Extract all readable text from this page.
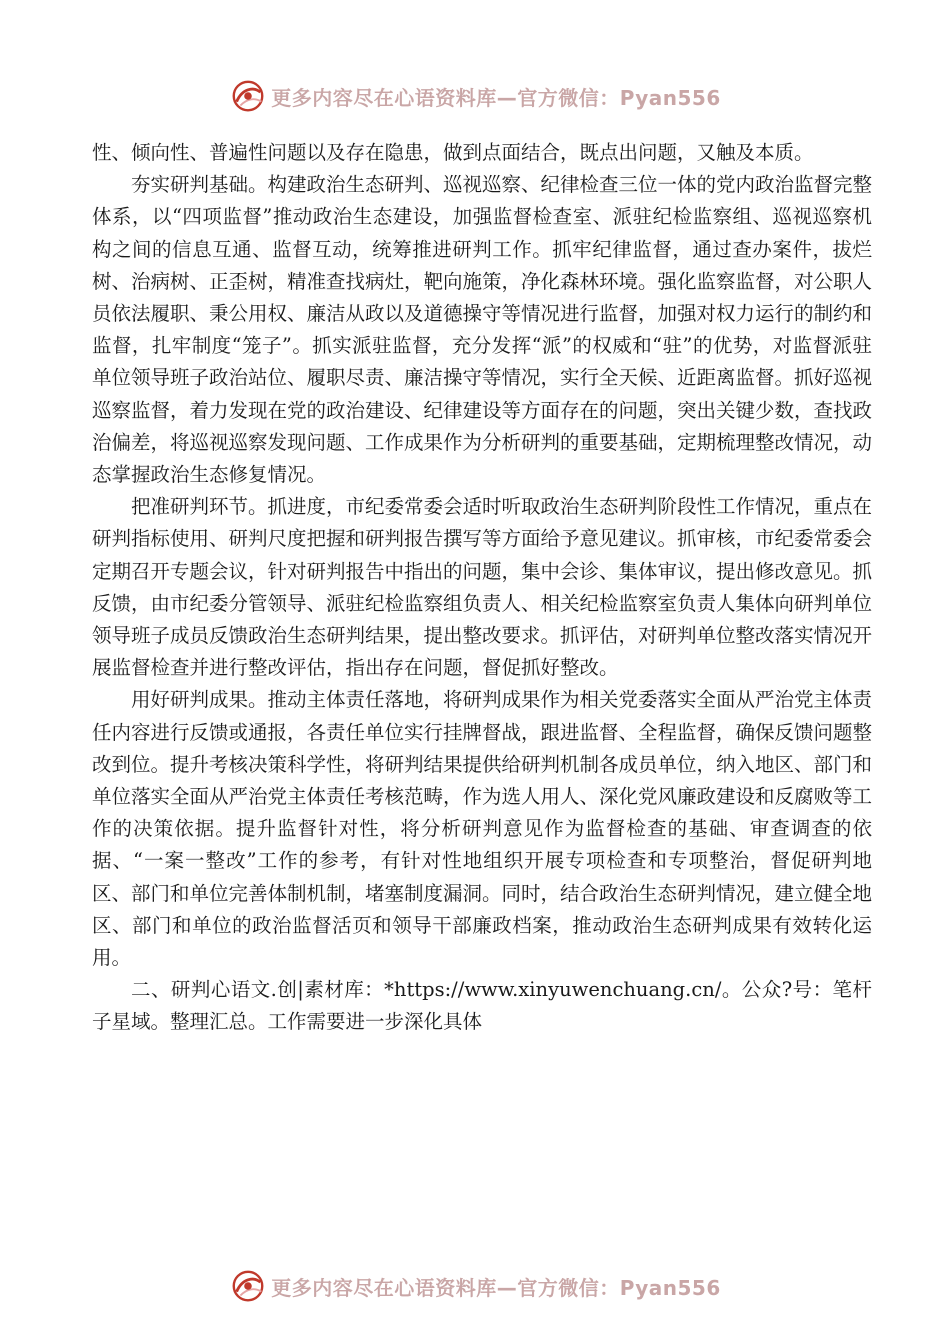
更多内容尽在心语资料库—官方微信：Pyan556

性、倾向性、普遍性问题以及存在隐患，做到点面结合，既点出问题，又触及本质。

夯实研判基础。构建政治生态研判、巡视巡察、纪律检查三位一体的党内政治监督完整体系，以“四项监督”推动政治生态建设，加强监督检查室、派驻纪检监察组、巡视巡察机构之间的信息互通、监督互动，统筹推进研判工作。抓牢纪律监督，通过查办案件，拔烂树、治病树、正歪树，精准查找病灶，靶向施策，净化森林环境。强化监察监督，对公职人员依法履职、秉公用权、廉洁从政以及道德操守等情况进行监督，加强对权力运行的制约和监督，扎牢制度“笼子”。抓实派驻监督，充分发挥“派”的权威和“驻”的优势，对监督派驻单位领导班子政治站位、履职尽责、廉洁操守等情况，实行全天候、近距离监督。抓好巡视巡察监督，着力发现在党的政治建设、纪律建设等方面存在的问题，突出关键少数，查找政治偏差，将巡视巡察发现问题、工作成果作为分析研判的重要基础，定期梳理整改情况，动态掌握政治生态修复情况。

把准研判环节。抓进度，市纪委常委会适时听取政治生态研判阶段性工作情况，重点在研判指标使用、研判尺度把握和研判报告撰写等方面给予意见建议。抓审核，市纪委常委会定期召开专题会议，针对研判报告中指出的问题，集中会诊、集体审议，提出修改意见。抓反馈，由市纪委分管领导、派驻纪检监察组负责人、相关纪检监察室负责人集体向研判单位领导班子成员反馈政治生态研判结果，提出整改要求。抓评估，对研判单位整改落实情况开展监督检查并进行整改评估，指出存在问题，督促抓好整改。

用好研判成果。推动主体责任落地，将研判成果作为相关党委落实全面从严治党主体责任内容进行反馈或通报，各责任单位实行挂牌督战，跟进监督、全程监督，确保反馈问题整改到位。提升考核决策科学性，将研判结果提供给研判机制各成员单位，纳入地区、部门和单位落实全面从严治党主体责任考核范畴，作为选人用人、深化党风廉政建设和反腐败等工作的决策依据。提升监督针对性，将分析研判意见作为监督检查的基础、审查调查的依据、“一案一整改”工作的参考，有针对性地组织开展专项检查和专项整治，督促研判地区、部门和单位完善体制机制，堵塞制度漏洞。同时，结合政治生态研判情况，建立健全地区、部门和单位的政治监督活页和领导干部廉政档案，推动政治生态研判成果有效转化运用。

二、研判心语文.创|素材库：*https://www.xinyuwenchuang.cn/。公众?号：笔杆子星域。整理汇总。工作需要进一步深化具体

更多内容尽在心语资料库—官方微信：Pyan556
